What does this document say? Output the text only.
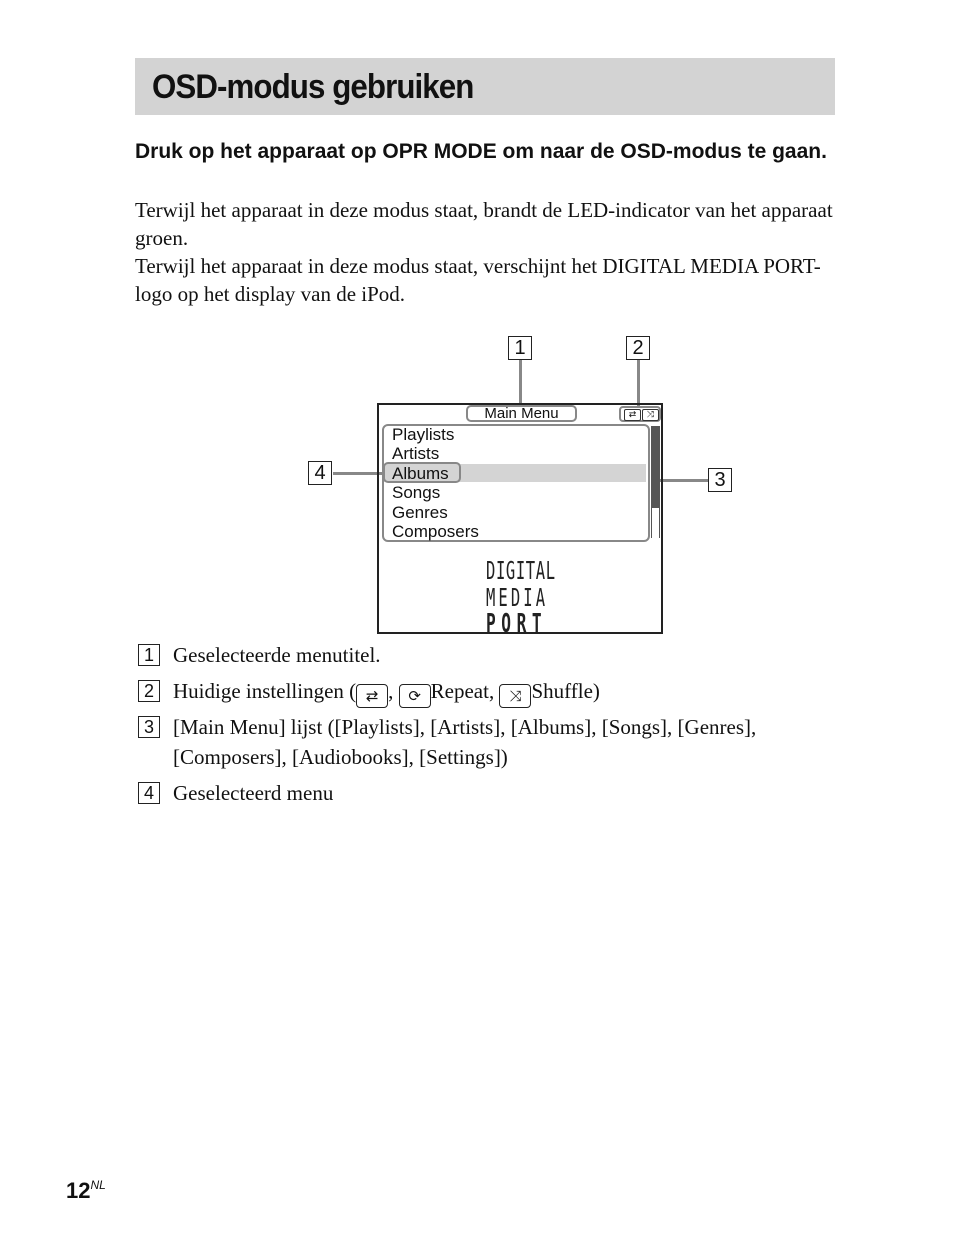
OSD-modus gebruiken
Druk op het apparaat op OPR MODE om naar de OSD-modus te gaan.
Terwijl het apparaat in deze modus staat, brandt de LED-indicator van het apparaat groen.
Terwijl het apparaat in deze modus staat, verschijnt het DIGITAL MEDIA PORT-logo op het display van de iPod.
1	2
3
4
Main Menu	⇄	⤨
Playlists
Artists
Albums
Songs
Genres
Composers
DIGITAL
MEDIA
PORT
1 Geselecteerde menutitel.
2 Huidige instellingen ( ⇄ , ⟳ Repeat, ⤨ Shuffle)
3 [Main Menu] lijst ([Playlists], [Artists], [Albums], [Songs], [Genres],
[Composers], [Audiobooks], [Settings])
4 Geselecteerd menu
$12^{NL}$
